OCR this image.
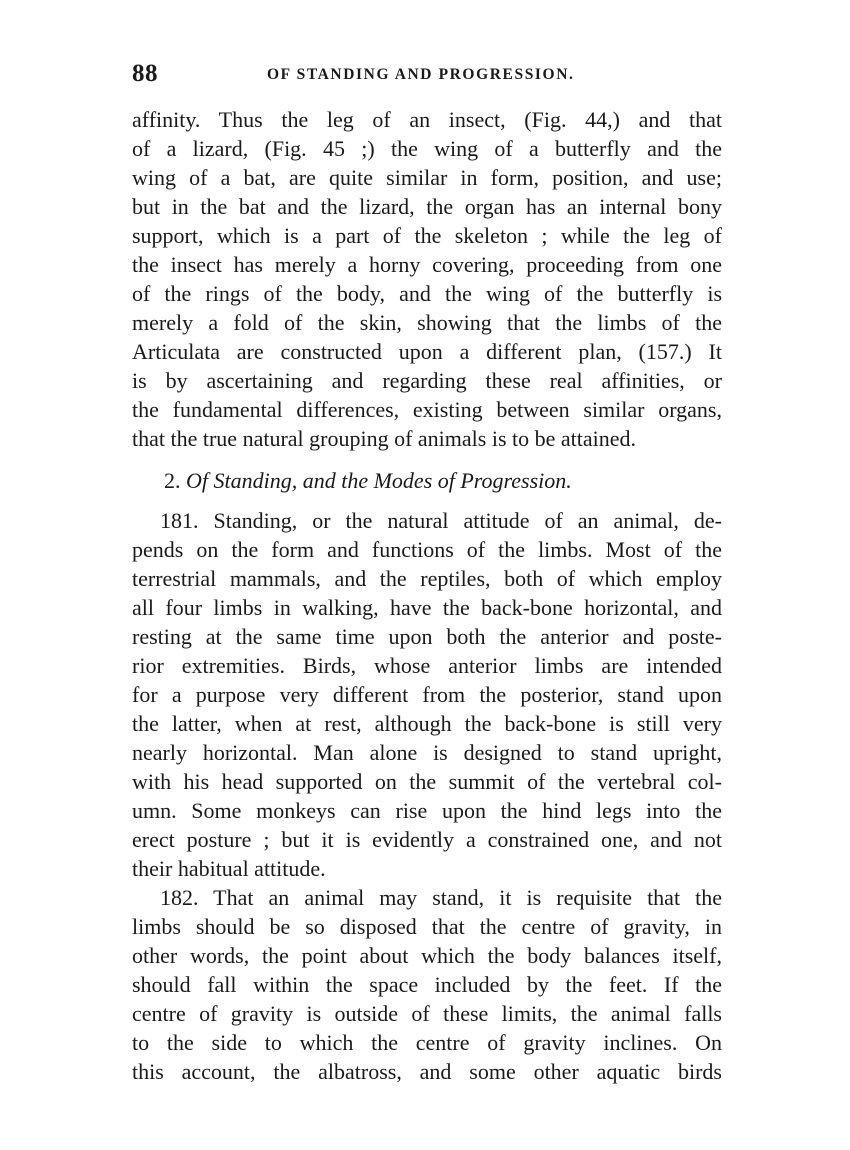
88	OF STANDING AND PROGRESSION.
affinity. Thus the leg of an insect, (Fig. 44,) and that
of a lizard, (Fig. 45 ;) the wing of a butterfly and the
wing of a bat, are quite similar in form, position, and use;
but in the bat and the lizard, the organ has an internal bony
support, which is a part of the skeleton ; while the leg of
the insect has merely a horny covering, proceeding from one
of the rings of the body, and the wing of the butterfly is
merely a fold of the skin, showing that the limbs of the
Articulata are constructed upon a different plan, (157.) It
is by ascertaining and regarding these real affinities, or
the fundamental differences, existing between similar organs,
that the true natural grouping of animals is to be attained.
2. Of Standing, and the Modes of Progression.
181. Standing, or the natural attitude of an animal, de-
pends on the form and functions of the limbs. Most of the
terrestrial mammals, and the reptiles, both of which employ
all four limbs in walking, have the back-bone horizontal, and
resting at the same time upon both the anterior and poste-
rior extremities. Birds, whose anterior limbs are intended
for a purpose very different from the posterior, stand upon
the latter, when at rest, although the back-bone is still very
nearly horizontal. Man alone is designed to stand upright,
with his head supported on the summit of the vertebral col-
umn. Some monkeys can rise upon the hind legs into the
erect posture ; but it is evidently a constrained one, and not
their habitual attitude.
182. That an animal may stand, it is requisite that the
limbs should be so disposed that the centre of gravity, in
other words, the point about which the body balances itself,
should fall within the space included by the feet. If the
centre of gravity is outside of these limits, the animal falls
to the side to which the centre of gravity inclines. On
this account, the albatross, and some other aquatic birds
